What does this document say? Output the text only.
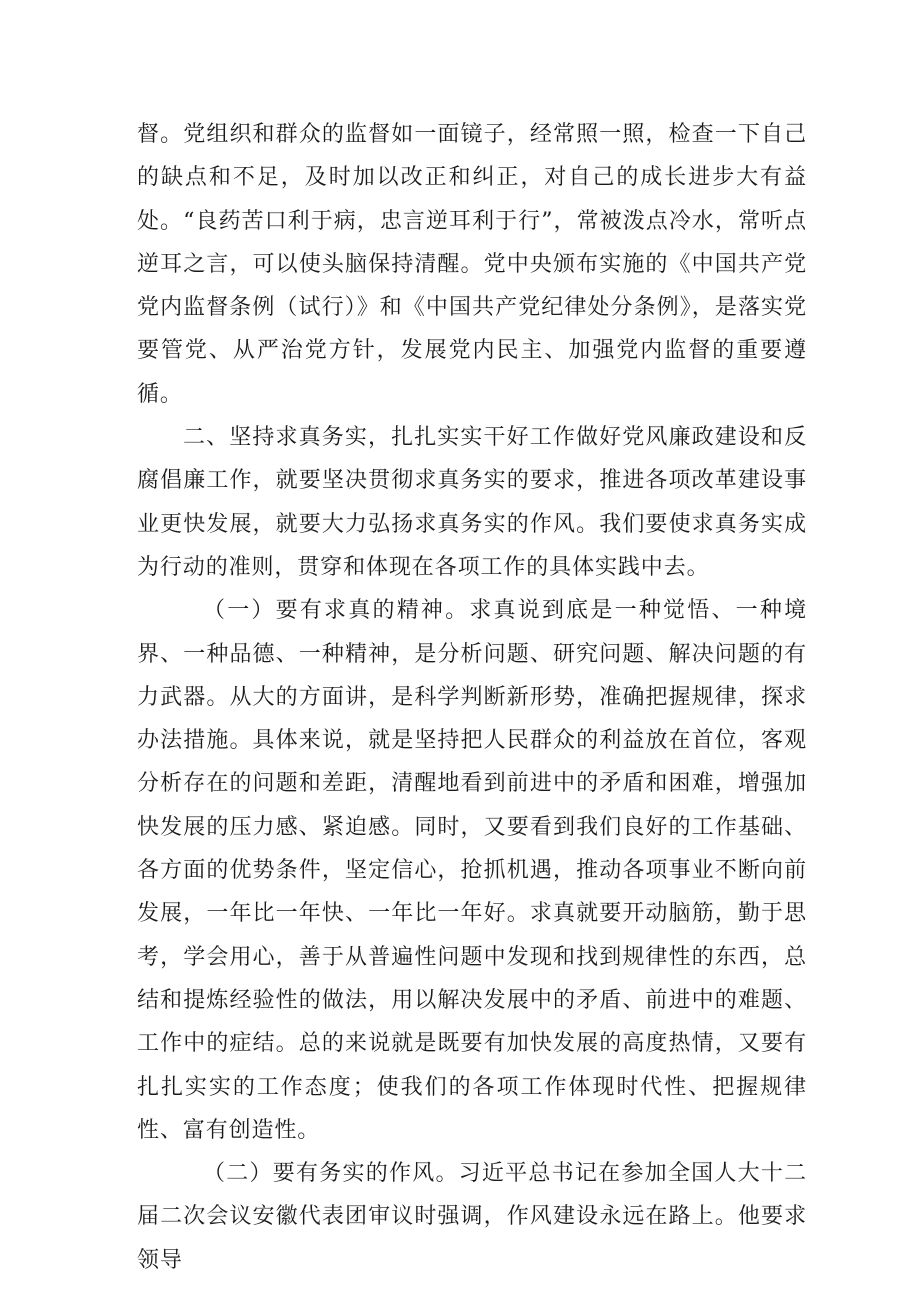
督。党组织和群众的监督如一面镜子，经常照一照，检查一下自己的缺点和不足，及时加以改正和纠正，对自己的成长进步大有益处。“良药苦口利于病，忠言逆耳利于行”，常被泼点冷水，常听点逆耳之言，可以使头脑保持清醒。党中央颁布实施的《中国共产党党内监督条例（试行）》和《中国共产党纪律处分条例》，是落实党要管党、从严治党方针，发展党内民主、加强党内监督的重要遵循。

二、坚持求真务实，扎扎实实干好工作做好党风廉政建设和反腐倡廉工作，就要坚决贯彻求真务实的要求，推进各项改革建设事业更快发展，就要大力弘扬求真务实的作风。我们要使求真务实成为行动的准则，贯穿和体现在各项工作的具体实践中去。

（一）要有求真的精神。求真说到底是一种觉悟、一种境界、一种品德、一种精神，是分析问题、研究问题、解决问题的有力武器。从大的方面讲，是科学判断新形势，准确把握规律，探求办法措施。具体来说，就是坚持把人民群众的利益放在首位，客观分析存在的问题和差距，清醒地看到前进中的矛盾和困难，增强加快发展的压力感、紧迫感。同时，又要看到我们良好的工作基础、各方面的优势条件，坚定信心，抢抓机遇，推动各项事业不断向前发展，一年比一年快、一年比一年好。求真就要开动脑筋，勤于思考，学会用心，善于从普遍性问题中发现和找到规律性的东西，总结和提炼经验性的做法，用以解决发展中的矛盾、前进中的难题、工作中的症结。总的来说就是既要有加快发展的高度热情，又要有扎扎实实的工作态度；使我们的各项工作体现时代性、把握规律性、富有创造性。

（二）要有务实的作风。习近平总书记在参加全国人大十二届二次会议安徽代表团审议时强调，作风建设永远在路上。他要求领导
